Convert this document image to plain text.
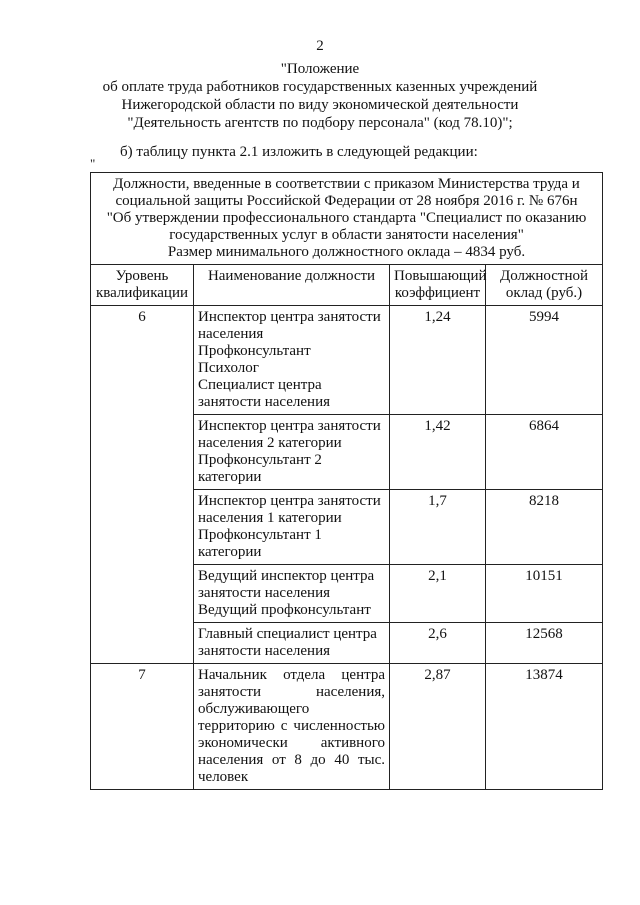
2
"Положение
об оплате труда работников государственных казенных учреждений
Нижегородской области по виду экономической деятельности
"Деятельность агентств по подбору персонала" (код 78.10)";
б) таблицу пункта 2.1 изложить в следующей редакции:
"
Должности, введенные в соответствии с приказом Министерства труда и
социальной защиты Российской Федерации от 28 ноября 2016 г. № 676н
"Об утверждении профессионального стандарта "Специалист по оказанию
государственных услуг в области занятости населения"
Размер минимального должностного оклада – 4834 руб.			

Уровень квалификации	Наименование должности	Повышающий коэффициент	Должностной оклад (руб.)
6	Инспектор центра занятости населения
Профконсультант
Психолог
Специалист центра занятости населения	1,24	5994

	Инспектор центра занятости населения 2 категории
Профконсультант 2 категории	1,42	6864

	Инспектор центра занятости населения 1 категории
Профконсультант 1 категории	1,7	8218

	Ведущий инспектор центра занятости населения
Ведущий профконсультант	2,1	10151

	Главный специалист центра занятости населения	2,6	12568
7	Начальник отдела центра занятости населения, обслуживающего территорию с численностью экономически активного населения от 8 до 40 тыс. человек	2,87	13874
